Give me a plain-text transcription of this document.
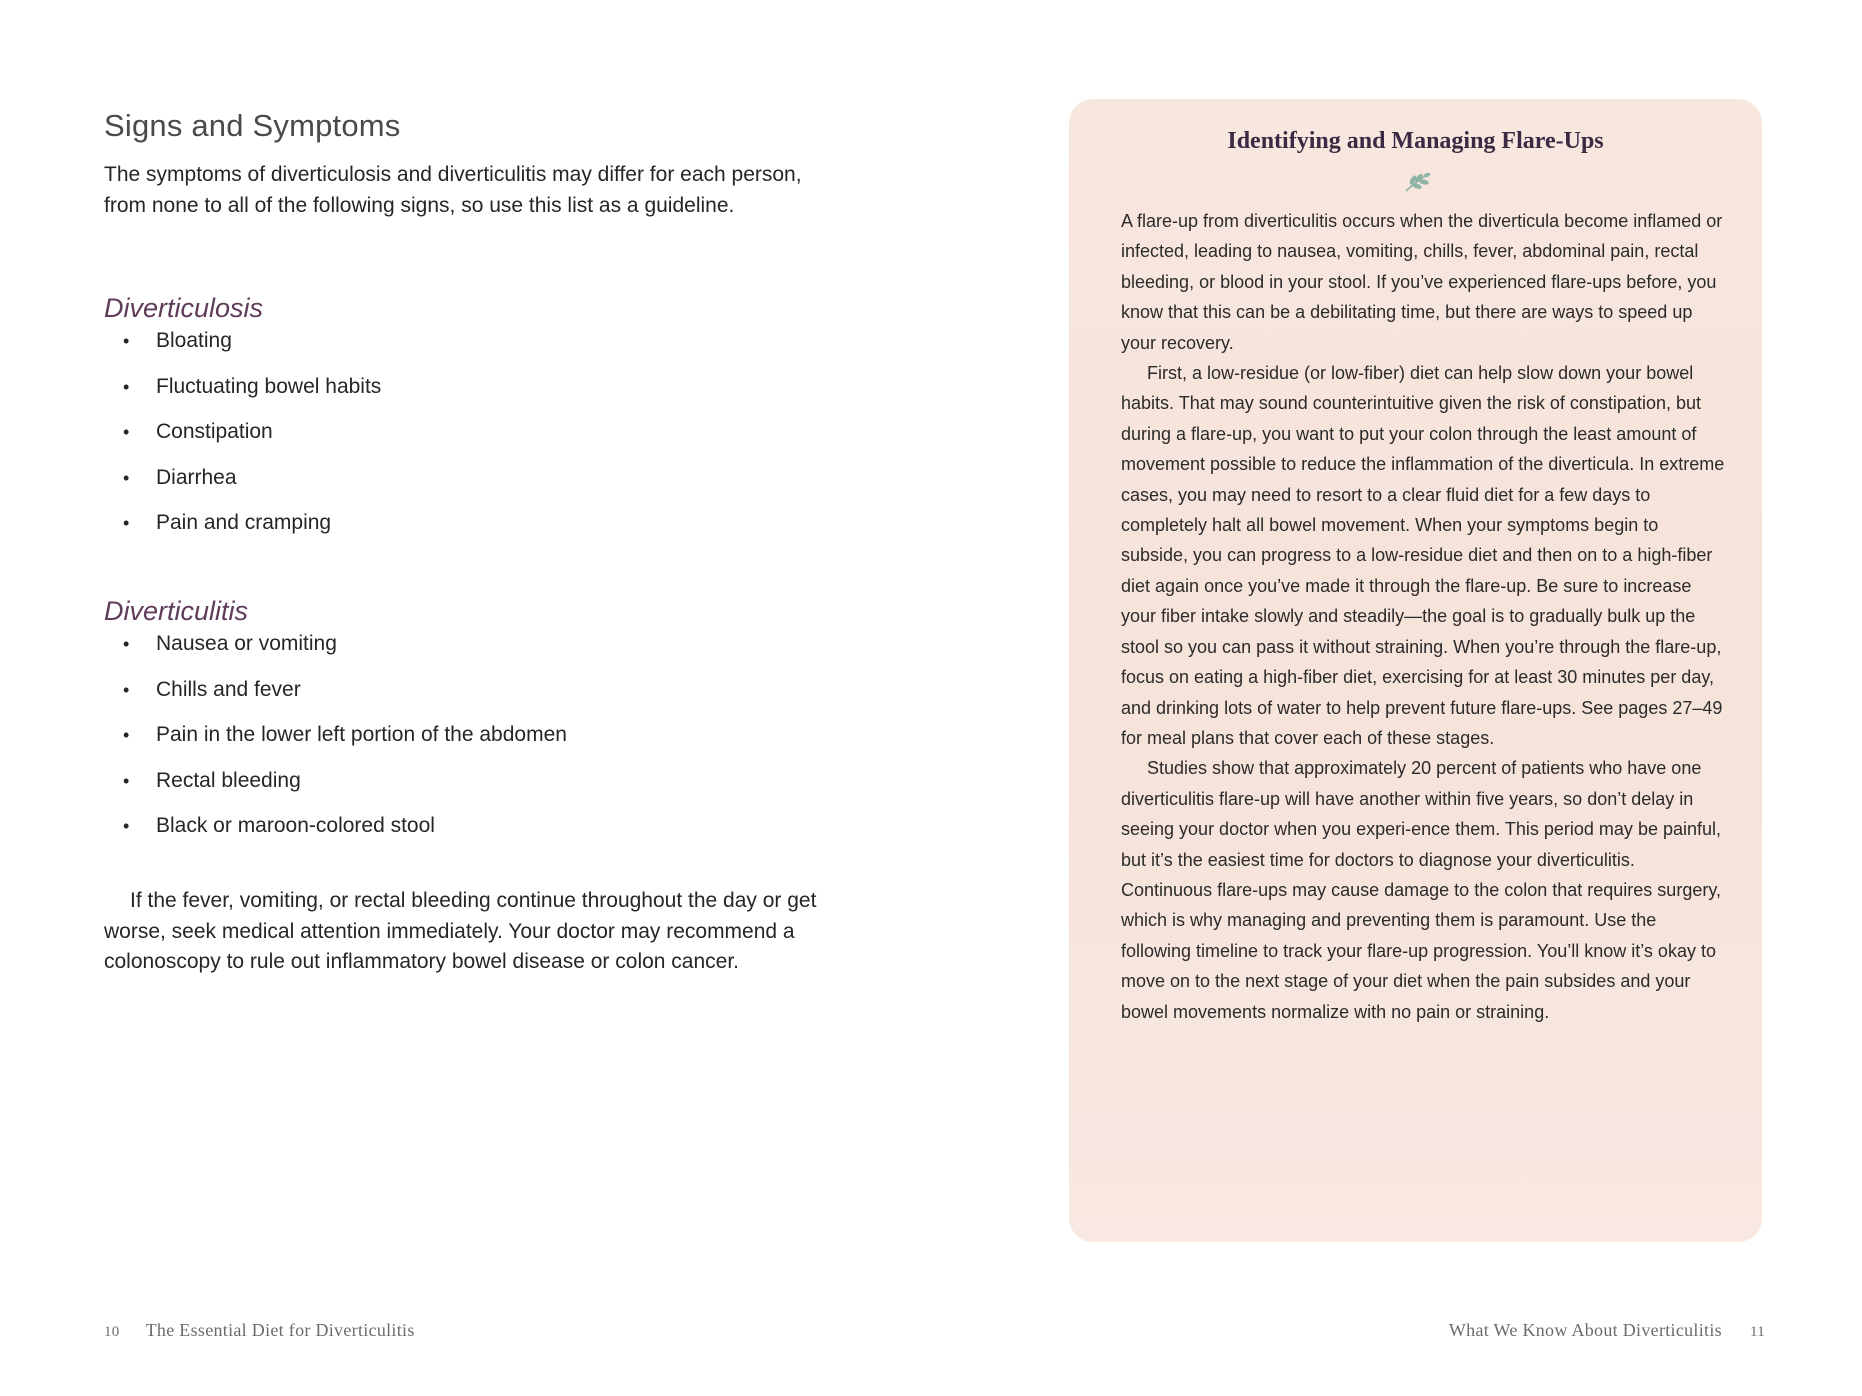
Signs and Symptoms

The symptoms of diverticulosis and diverticulitis may differ for each person, from none to all of the following signs, so use this list as a guideline.

Diverticulosis
• Bloating
• Fluctuating bowel habits
• Constipation
• Diarrhea
• Pain and cramping
Diverticulitis
• Nausea or vomiting
• Chills and fever
• Pain in the lower left portion of the abdomen
• Rectal bleeding
• Black or maroon-colored stool

If the fever, vomiting, or rectal bleeding continue throughout the day or get worse, seek medical attention immediately. Your doctor may recommend a colonoscopy to rule out inflammatory bowel disease or colon cancer.

10 The Essential Diet for Diverticulitis
Identifying and Managing Flare-Ups

A flare-up from diverticulitis occurs when the diverticula become inflamed or infected, leading to nausea, vomiting, chills, fever, abdominal pain, rectal bleeding, or blood in your stool. If you’ve experienced flare-ups before, you know that this can be a debilitating time, but there are ways to speed up your recovery.

First, a low-residue (or low-fiber) diet can help slow down your bowel habits. That may sound counterintuitive given the risk of constipation, but during a flare-up, you want to put your colon through the least amount of movement possible to reduce the inflammation of the diverticula. In extreme cases, you may need to resort to a clear fluid diet for a few days to completely halt all bowel movement. When your symptoms begin to subside, you can progress to a low-residue diet and then on to a high-fiber diet again once you’ve made it through the flare-up. Be sure to increase your fiber intake slowly and steadily—the goal is to gradually bulk up the stool so you can pass it without straining. When you’re through the flare-up, focus on eating a high-fiber diet, exercising for at least 30 minutes per day, and drinking lots of water to help prevent future flare-ups. See pages 27–49 for meal plans that cover each of these stages.

Studies show that approximately 20 percent of patients who have one diverticulitis flare-up will have another within five years, so don’t delay in seeing your doctor when you experi-ence them. This period may be painful, but it’s the easiest time for doctors to diagnose your diverticulitis. Continuous flare-ups may cause damage to the colon that requires surgery, which is why managing and preventing them is paramount. Use the following timeline to track your flare-up progression. You’ll know it’s okay to move on to the next stage of your diet when the pain subsides and your bowel movements normalize with no pain or straining.

What We Know About Diverticulitis 11
